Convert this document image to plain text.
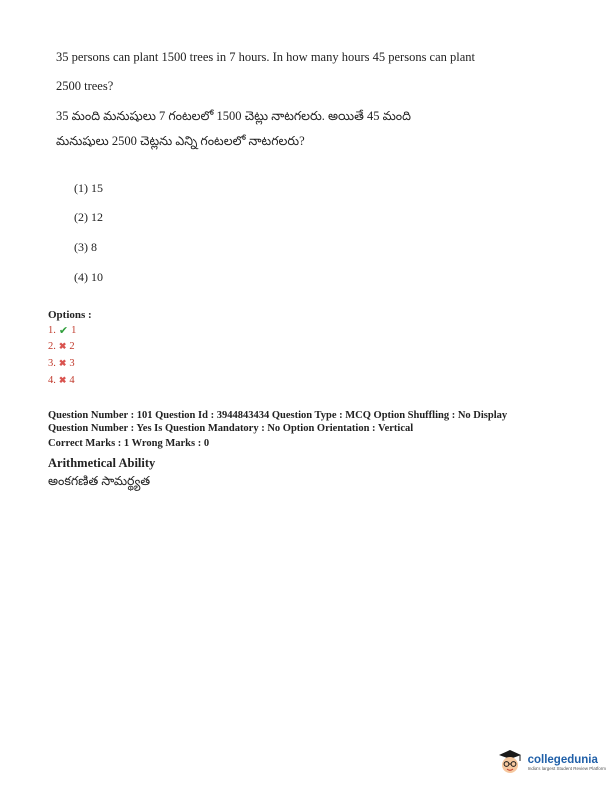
35 persons can plant 1500 trees in 7 hours. In how many hours 45 persons can plant
2500 trees?
35 మంది మనుషులు 7 గంటలలో 1500 చెట్లు నాటగలరు. అయితే 45 మంది
మనుషులు 2500 చెట్లను ఎన్ని గంటలలో నాటగలరు?
(1) 15
(2) 12
(3) 8
(4) 10
Options :
1. ✔ 1
2. ✖ 2
3. ✖ 3
4. ✖ 4
Question Number : 101 Question Id : 3944843434 Question Type : MCQ Option Shuffling : No Display
Question Number : Yes Is Question Mandatory : No Option Orientation : Vertical
Correct Marks : 1 Wrong Marks : 0
Arithmetical Ability
అంకగణిత సామర్థ్యత
collegedunia
India's largest Student Review Platform
